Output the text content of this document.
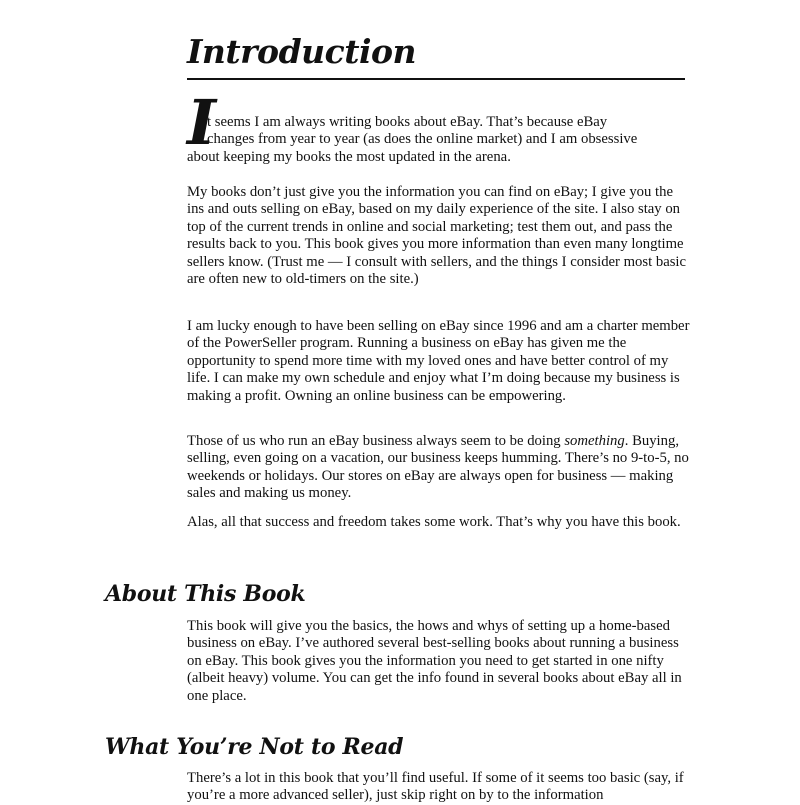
Introduction
I

t seems I am always writing books about eBay. That’s because eBay
changes from year to year (as does the online market) and I am obsessive
about keeping my books the most updated in the arena.

My books don’t just give you the information you can find on eBay; I give you the ins and outs selling on eBay, based on my daily experience of the site. I also stay on top of the current trends in online and social marketing; test them out, and pass the results back to you. This book gives you more information than even many longtime sellers know. (Trust me — I consult with sellers, and the things I consider most basic are often new to old-timers on the site.)

I am lucky enough to have been selling on eBay since 1996 and am a charter member of the PowerSeller program. Running a business on eBay has given me the opportunity to spend more time with my loved ones and have better control of my life. I can make my own schedule and enjoy what I’m doing because my business is making a profit. Owning an online business can be empowering.

Those of us who run an eBay business always seem to be doing something. Buying, selling, even going on a vacation, our business keeps humming. There’s no 9-to-5, no weekends or holidays. Our stores on eBay are always open for business — making sales and making us money.

Alas, all that success and freedom takes some work. That’s why you have this book.

About This Book

This book will give you the basics, the hows and whys of setting up a home-based business on eBay. I’ve authored several best-selling books about running a business on eBay. This book gives you the information you need to get started in one nifty (albeit heavy) volume. You can get the info found in several books about eBay all in one place.

What You’re Not to Read

There’s a lot in this book that you’ll find useful. If some of it seems too basic (say, if you’re a more advanced seller), just skip right on by to the information
